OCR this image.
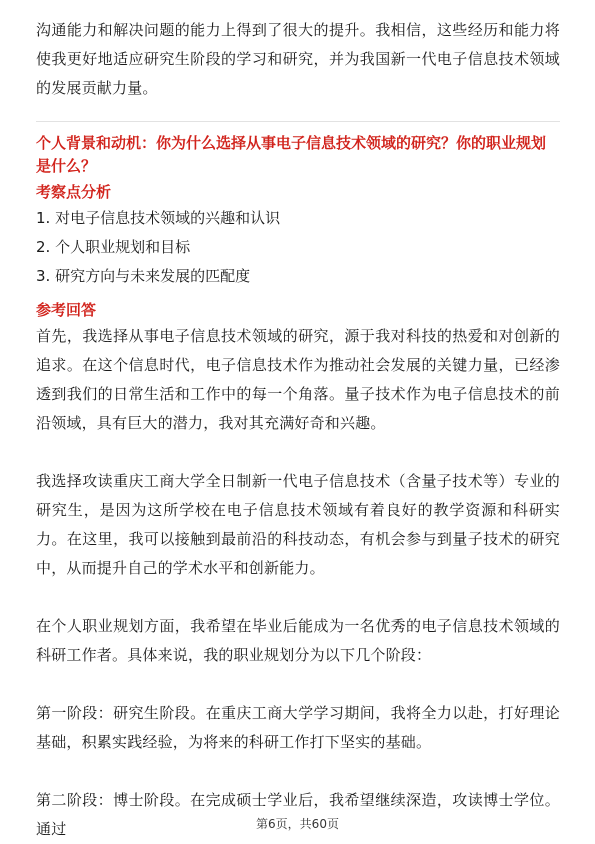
沟通能力和解决问题的能力上得到了很大的提升。我相信，这些经历和能力将使我更好地适应研究生阶段的学习和研究，并为我国新一代电子信息技术领域的发展贡献力量。

个人背景和动机：你为什么选择从事电子信息技术领域的研究？你的职业规划是什么？

考察点分析

1. 对电子信息技术领域的兴趣和认识
2. 个人职业规划和目标
3. 研究方向与未来发展的匹配度

参考回答

首先，我选择从事电子信息技术领域的研究，源于我对科技的热爱和对创新的追求。在这个信息时代，电子信息技术作为推动社会发展的关键力量，已经渗透到我们的日常生活和工作中的每一个角落。量子技术作为电子信息技术的前沿领域，具有巨大的潜力，我对其充满好奇和兴趣。

我选择攻读重庆工商大学全日制新一代电子信息技术（含量子技术等）专业的研究生，是因为这所学校在电子信息技术领域有着良好的教学资源和科研实力。在这里，我可以接触到最前沿的科技动态，有机会参与到量子技术的研究中，从而提升自己的学术水平和创新能力。

在个人职业规划方面，我希望在毕业后能成为一名优秀的电子信息技术领域的科研工作者。具体来说，我的职业规划分为以下几个阶段：

第一阶段：研究生阶段。在重庆工商大学学习期间，我将全力以赴，打好理论基础，积累实践经验，为将来的科研工作打下坚实的基础。

第二阶段：博士阶段。在完成硕士学业后，我希望继续深造，攻读博士学位。通过	第6页，共60页
